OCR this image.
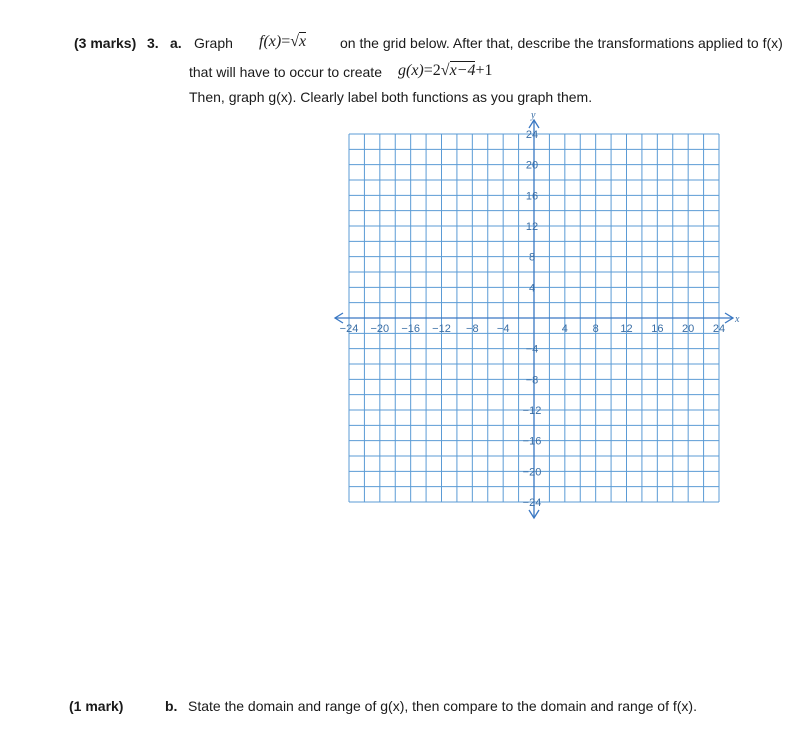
(3 marks) 3. a. Graph f(x)=√x on the grid below. After that, describe the transformations applied to f(x)
that will have to occur to create g(x)=2√x−4+1
Then, graph g(x). Clearly label both functions as you graph them.
x
y
−24 −20 −16 −12 −8 −4	4 8 12 16 20 24
24
20
16
12
8
4
−4
−8
−12
−16
−20
−24
(1 mark)	b. State the domain and range of g(x), then compare to the domain and range of f(x).
